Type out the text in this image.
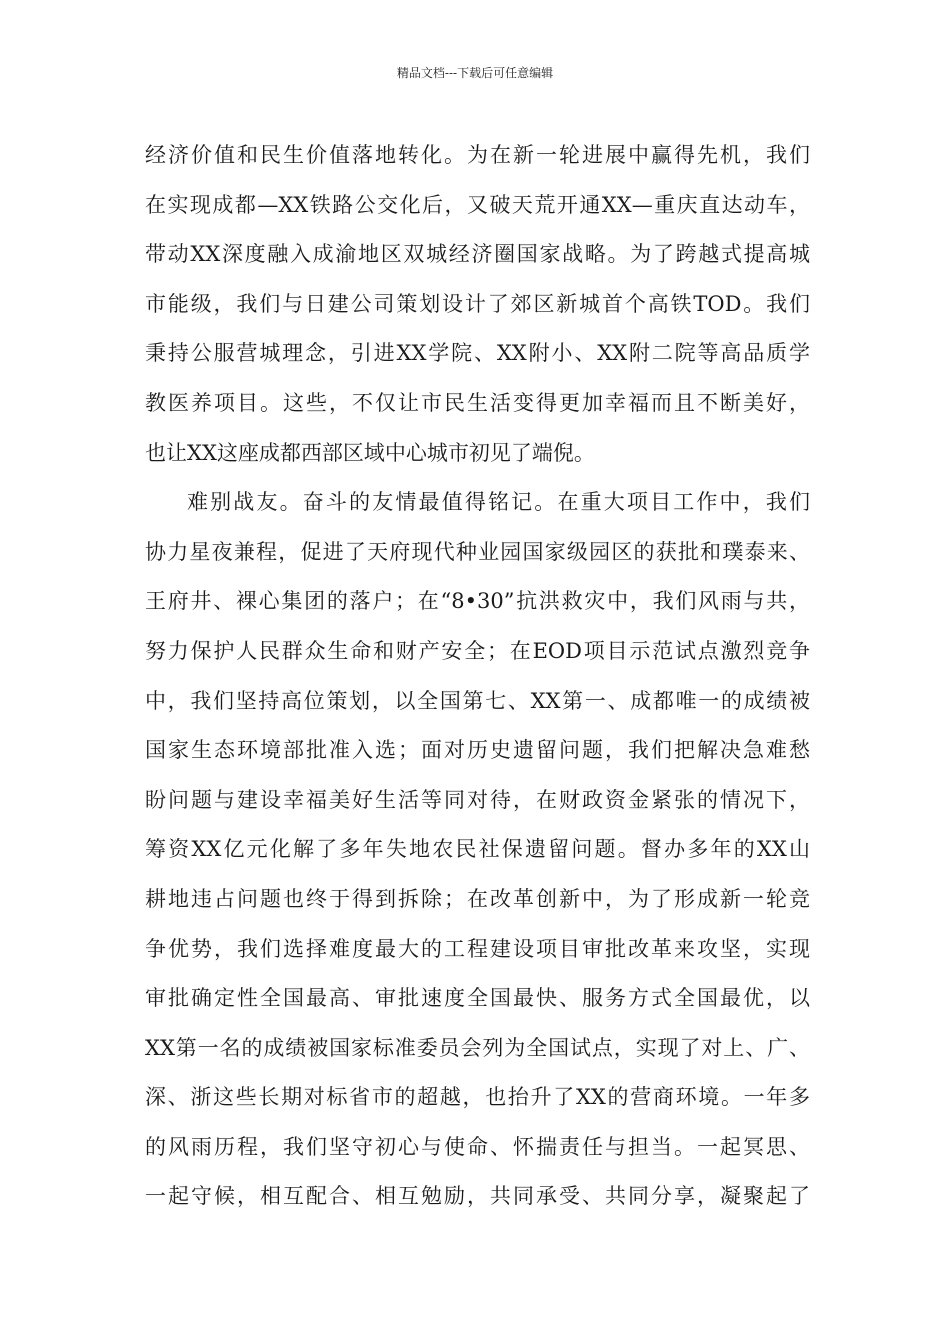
精品文档---下载后可任意编辑
经济价值和民生价值落地转化。为在新一轮进展中赢得先机，我们
在实现成都—XX铁路公交化后，又破天荒开通XX—重庆直达动车，
带动XX深度融入成渝地区双城经济圈国家战略。为了跨越式提高城
市能级，我们与日建公司策划设计了郊区新城首个高铁TOD。我们
秉持公服营城理念，引进XX学院、XX附小、XX附二院等高品质学
教医养项目。这些，不仅让市民生活变得更加幸福而且不断美好，
也让XX这座成都西部区域中心城市初见了端倪。
难别战友。奋斗的友情最值得铭记。在重大项目工作中，我们
协力星夜兼程，促进了天府现代种业园国家级园区的获批和璞泰来、
王府井、裸心集团的落户；在“8•30”抗洪救灾中，我们风雨与共，
努力保护人民群众生命和财产安全；在EOD项目示范试点激烈竞争
中，我们坚持高位策划，以全国第七、XX第一、成都唯一的成绩被
国家生态环境部批准入选；面对历史遗留问题，我们把解决急难愁
盼问题与建设幸福美好生活等同对待，在财政资金紧张的情况下，
筹资XX亿元化解了多年失地农民社保遗留问题。督办多年的XX山
耕地违占问题也终于得到拆除；在改革创新中，为了形成新一轮竞
争优势，我们选择难度最大的工程建设项目审批改革来攻坚，实现
审批确定性全国最高、审批速度全国最快、服务方式全国最优，以
XX第一名的成绩被国家标准委员会列为全国试点，实现了对上、广、
深、浙这些长期对标省市的超越，也抬升了XX的营商环境。一年多
的风雨历程，我们坚守初心与使命、怀揣责任与担当。一起冥思、
一起守候，相互配合、相互勉励，共同承受、共同分享，凝聚起了
